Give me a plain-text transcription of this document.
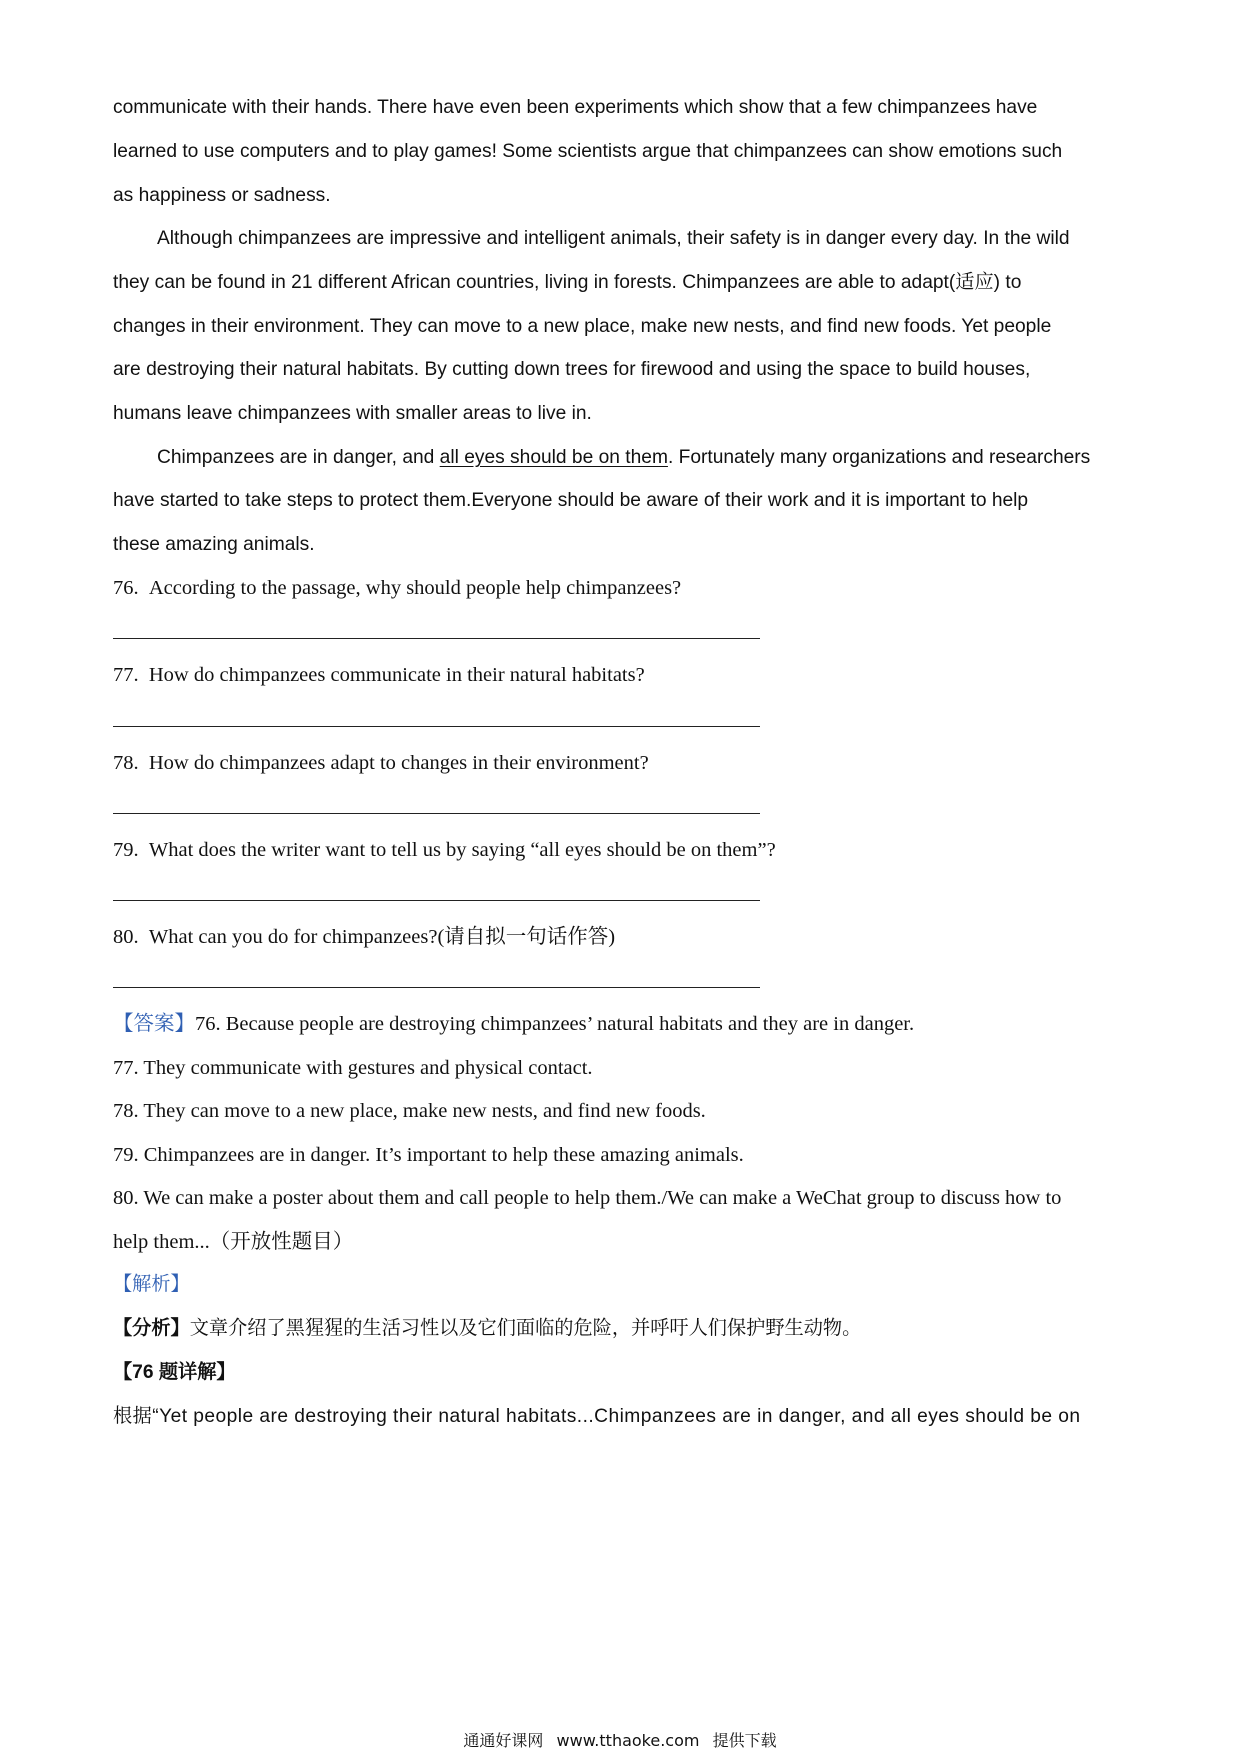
communicate with their hands. There have even been experiments which show that a few chimpanzees have
learned to use computers and to play games! Some scientists argue that chimpanzees can show emotions such
as happiness or sadness.
Although chimpanzees are impressive and intelligent animals, their safety is in danger every day. In the wild
they can be found in 21 different African countries, living in forests. Chimpanzees are able to adapt(适应) to
changes in their environment. They can move to a new place, make new nests, and find new foods. Yet people
are destroying their natural habitats. By cutting down trees for firewood and using the space to build houses,
humans leave chimpanzees with smaller areas to live in.
Chimpanzees are in danger, and all eyes should be on them. Fortunately many organizations and researchers
have started to take steps to protect them.Everyone should be aware of their work and it is important to help
these amazing animals.
76. According to the passage, why should people help chimpanzees?
77. How do chimpanzees communicate in their natural habitats?
78. How do chimpanzees adapt to changes in their environment?
79. What does the writer want to tell us by saying “all eyes should be on them”?
80. What can you do for chimpanzees?(请自拟一句话作答)
【答案】76. Because people are destroying chimpanzees’ natural habitats and they are in danger.
77. They communicate with gestures and physical contact.
78. They can move to a new place, make new nests, and find new foods.
79. Chimpanzees are in danger. It’s important to help these amazing animals.
80. We can make a poster about them and call people to help them./We can make a WeChat group to discuss how to
help them...（开放性题目）
【解析】
【分析】文章介绍了黑猩猩的生活习性以及它们面临的危险，并呼吁人们保护野生动物。
【76 题详解】
根据“Yet people are destroying their natural habitats...Chimpanzees are in danger, and all eyes should be on
通通好课网 www.tthaoke.com 提供下载
